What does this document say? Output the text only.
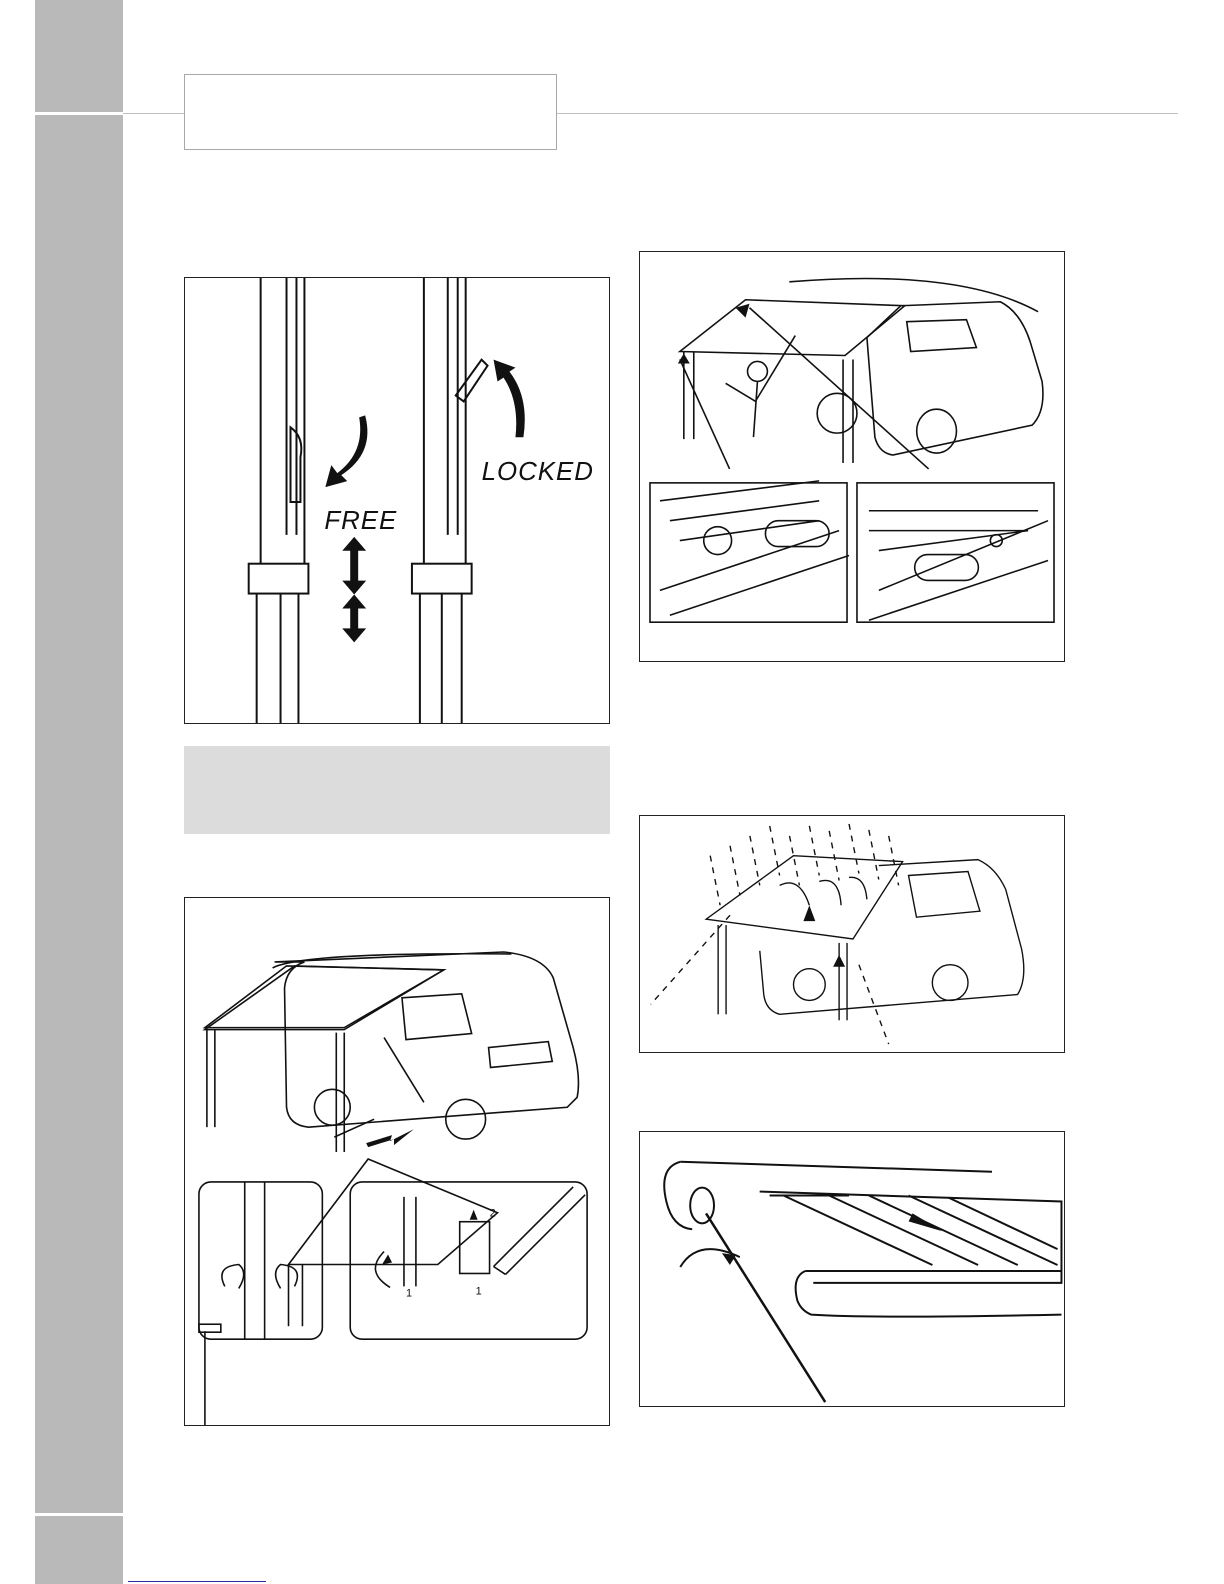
FREE
LOCKED
2
1	1
